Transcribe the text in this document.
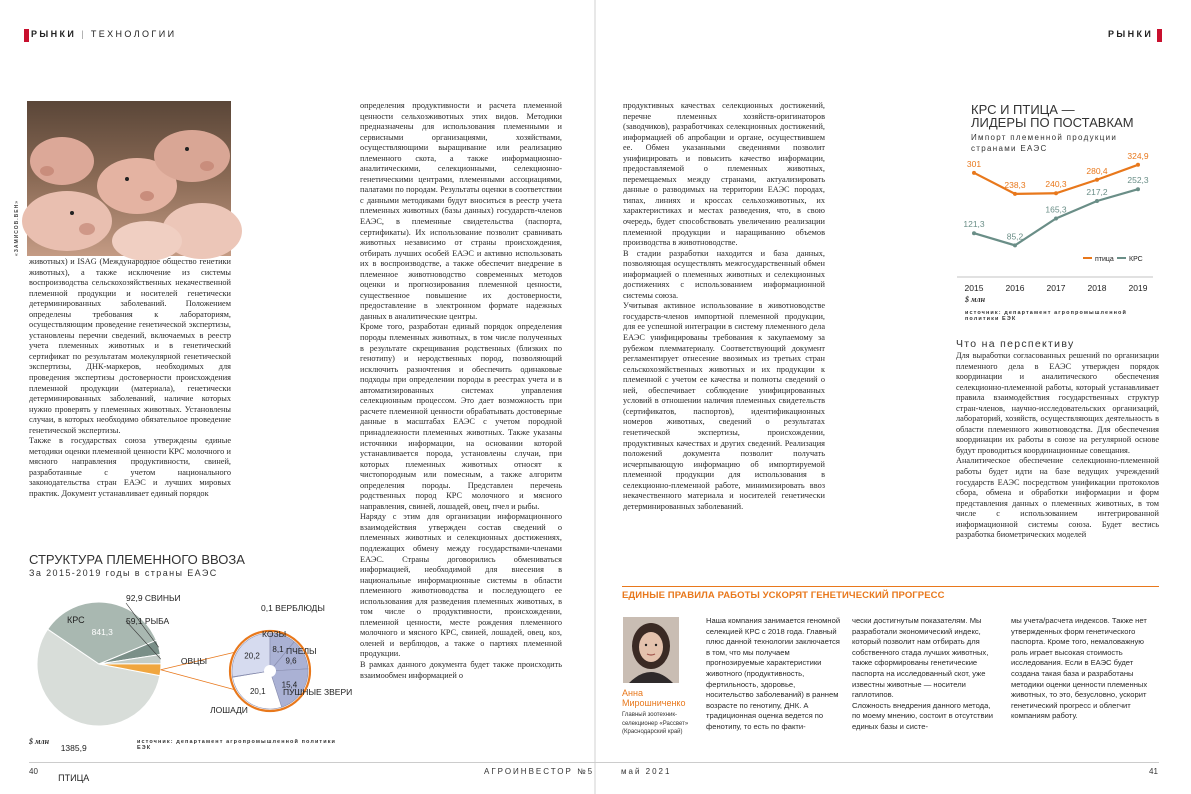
РЫНКИ | ТЕХНОЛОГИИ	РЫНКИ
«ЗАМИСОВ.ВЕН»

животных) и ISAG (Международное общество генетики животных), а также исключение из системы воспроизводства сельскохозяйственных некачественной племенной продукции и носителей генетически детерминированных заболеваний. Положением определены требования к лабораториям, осуществляющим проведение генетической экспертизы, установлены перечни сведений, включаемых в реестр учета племенных животных и в генетический сертификат по результатам молекулярной генетической экспертизы, ДНК-маркеров, необходимых для проведения экспертизы достоверности происхождения племенной продукции (материала), генетически детерминированных заболеваний, наличие которых нужно проверять у племенных животных. Установлены случаи, в которых необходимо обязательное проведение генетической экспертизы.
Также в государствах союза утверждены единые методики оценки племенной ценности КРС молочного и мясного направления продуктивности, свиней, разработанные с учетом национального законодательства стран ЕАЭС и лучших мировых практик. Документ устанавливает единый порядок

СТРУКТУРА ПЛЕМЕННОГО ВВОЗА
За 2015-2019 годы в страны ЕАЭС
1385,9
ПТИЦА
841,3
КРС
92,9 СВИНЬИ
59,1 РЫБА
20,2
ОВЦЫ
8,1
КОЗЫ
9,6
ПЧЕЛЫ
15,4
ПУШНЫЕ ЗВЕРИ
20,1
ЛОШАДИ
0,1 ВЕРБЛЮДЫ
$ млн	источник: департамент агропромышленной политики ЕЭК

определения продуктивности и расчета племенной ценности сельхозживотных этих видов. Методики предназначены для использования племенными и сервисными организациями, хозяйствами, осуществляющими выращивание или реализацию племенного скота, а также информационно-аналитическими, селекционными, селекционно-генетическими центрами, племенными ассоциациями, палатами по породам. Результаты оценки в соответствии с данными методиками будут вноситься в реестр учета племенных животных (базы данных) государств-членов ЕАЭС, в племенные свидетельства (паспорта, сертификаты). Их использование позволит сравнивать животных независимо от страны происхождения, отбирать лучших особей ЕАЭС и активно использовать их в воспроизводстве, а также обеспечит внедрение в племенное животноводство современных методов оценки и прогнозирования племенной ценности, существенное повышение их достоверности, предоставление в электронном формате надежных данных в аналитические центры.
Кроме того, разработан единый порядок определения породы племенных животных, в том числе полученных в результате скрещивания родственных (близких по генотипу) и неродственных пород, позволяющий исключить разночтения и обеспечить одинаковые подходы при определении породы в реестрах учета и в автоматизированных системах управления селекционным процессом. Это дает возможность при расчете племенной ценности обрабатывать достоверные данные в масштабах ЕАЭС с учетом породной принадлежности племенных животных. Также указаны источники информации, на основании которой устанавливается порода, установлены случаи, при которых племенных животных относят к чистопородным или помесным, а также алгоритм определения породы. Представлен перечень родственных пород КРС молочного и мясного направления, свиней, лошадей, овец, пчел и рыбы.
Наряду с этим для организации информационного взаимодействия утвержден состав сведений о племенных животных и селекционных достижениях, подлежащих обмену между государствами-членами ЕАЭС. Страны договорились обмениваться информацией, необходимой для внесения в национальные информационные системы в области племенного животноводства и последующего ее использования для разведения племенных животных, в том числе о продуктивности, происхождении, племенной ценности, месте рождения племенного молочного и мясного КРС, свиней, лошадей, овец, коз, оленей и верблюдов, а также о партиях племенной продукции.
В рамках данного документа будет также происходить взаимообмен информацией о

продуктивных качествах селекционных достижений, перечне племенных хозяйств-оригинаторов (заводчиков), разработчиках селекционных достижений, информацией об апробации и органе, осуществившем ее. Обмен указанными сведениями позволит унифицировать и повысить качество информации, предоставляемой о племенных животных, перемещаемых между странами, актуализировать данные о разводимых на территории ЕАЭС породах, типах, линиях и кроссах сельхозживотных, их характеристиках и местах разведения, что, в свою очередь, будет способствовать увеличению реализации племенной продукции и наращиванию объемов производства в животноводстве.
В стадии разработки находится и база данных, позволяющая осуществлять межгосударственный обмен информацией о племенных животных и селекционных достижениях с использованием информационной системы союза.
Учитывая активное использование в животноводстве государств-членов импортной племенной продукции, для ее успешной интеграции в систему племенного дела ЕАЭС унифицированы требования к закупаемому за рубежом племматериалу. Соответствующий документ регламентирует отнесение ввозимых из третьих стран сельскохозяйственных животных и их продукции к племенной с учетом ее качества и полноты сведений о ней, обеспечивает соблюдение унифицированных условий в отношении наличия племенных свидетельств (сертификатов, паспортов), идентификационных номеров животных, сведений о результатах генетической экспертизы, происхождении, продуктивных качествах и других сведений. Реализация положений документа позволит получать исчерпывающую информацию об импортируемой племенной продукции для использования в селекционно-племенной работе, минимизировать ввоз некачественного материала и носителей генетически детерминированных заболеваний.

КРС И ПТИЦА —
ЛИДЕРЫ ПО ПОСТАВКАМ
Импорт племенной продукции
странами ЕАЭС
2015	2016	2017	2018	2019
301
238,3 240,3
280,4
324,9
121,3
85,2
165,3
217,2
252,3
птица КРС
$ млн
источник: департамент агропромышленной политики ЕЭК
Что на перспективу

Для выработки согласованных решений по организации племенного дела в ЕАЭС утвержден порядок координации и аналитического обеспечения селекционно-племенной работы, который устанавливает правила взаимодействия государственных структур стран-членов, научно-исследовательских организаций, лабораторий, хозяйств, осуществляющих деятельность в области племенного животноводства. Для обеспечения координации их работы в союзе на регулярной основе будут проводиться координационные совещания.
Аналитическое обеспечение селекционно-племенной работы будет идти на базе ведущих учреждений государств ЕАЭС посредством унификации протоколов сбора, обмена и обработки информации и форм представления данных о племенных животных, в том числе с использованием интегрированной информационной системы союза. Будет вестись разработка биометрических моделей

ЕДИНЫЕ ПРАВИЛА РАБОТЫ УСКОРЯТ ГЕНЕТИЧЕСКИЙ ПРОГРЕСС
Анна
Мирошниченко

Главный зоотехник-
селекционер «Рассвет»
(Краснодарский край)

Наша компания занимается геномной селекцией КРС с 2018 года. Главный плюс данной технологии заключается в том, что мы получаем прогнозируемые характеристики животного (продуктивность, фертильность, здоровье, носительство заболеваний) в раннем возрасте по генотипу, ДНК. А традиционная оценка ведется по фенотипу, то есть по факти-

чески достигнутым показателям. Мы разработали экономический индекс, который позволит нам отбирать для собственного стада лучших животных, также сформированы генетические паспорта на исследованный скот, уже известны животные — носители гаплотипов.
Сложность внедрения данного метода, по моему мнению, состоит в отсутствии единых базы и систе-

мы учета/расчета индексов. Также нет утвержденных форм генетического паспорта. Кроме того, немаловажную роль играет высокая стоимость исследования. Если в ЕАЭС будет создана такая база и разработаны методики оценки ценности племенных животных, то это, безусловно, ускорит генетический прогресс и облегчит компаниям работу.

40	АГРОИНВЕСТОР №5	май 2021	41
